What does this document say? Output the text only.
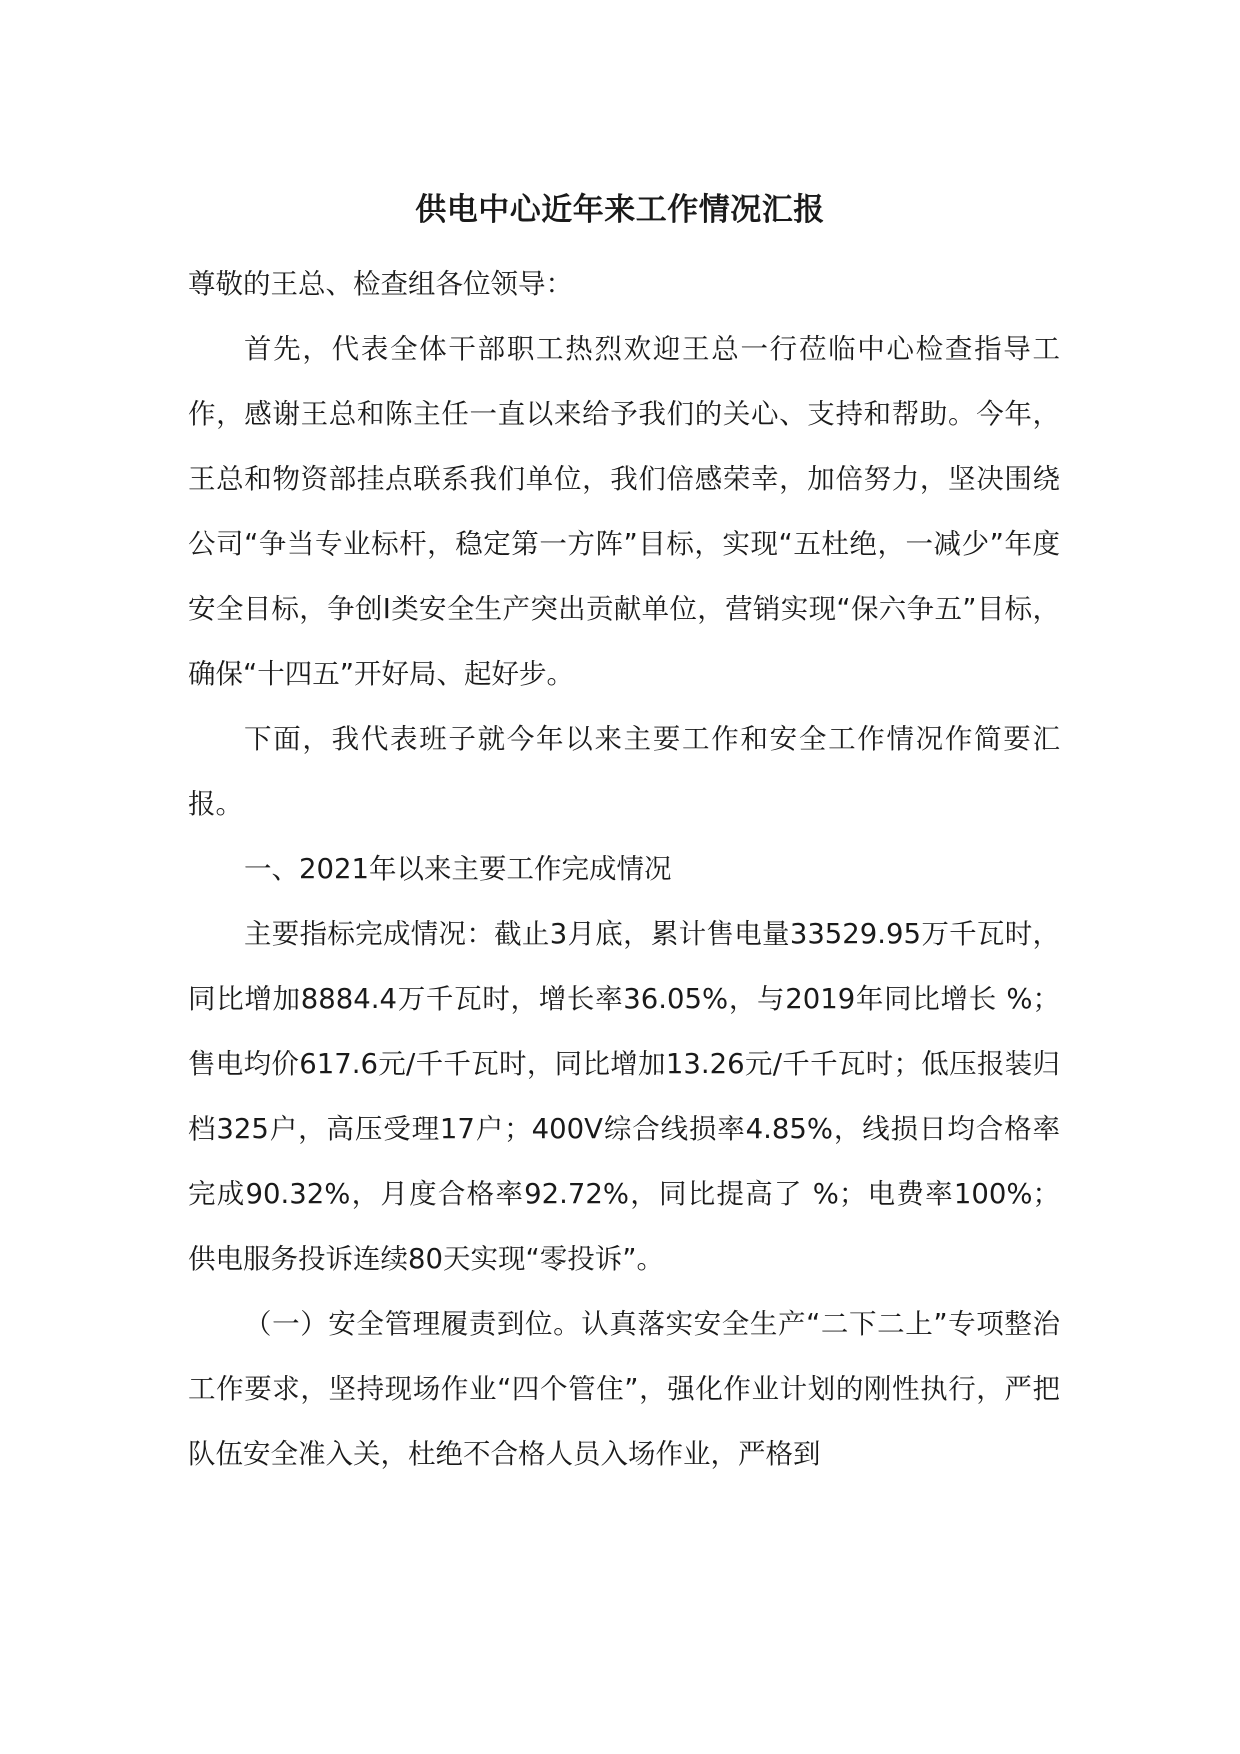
供电中心近年来工作情况汇报

尊敬的王总、检查组各位领导：

首先，代表全体干部职工热烈欢迎王总一行莅临中心检查指导工作，感谢王总和陈主任一直以来给予我们的关心、支持和帮助。今年，王总和物资部挂点联系我们单位，我们倍感荣幸，加倍努力，坚决围绕公司“争当专业标杆，稳定第一方阵”目标，实现“五杜绝，一减少”年度安全目标，争创Ⅰ类安全生产突出贡献单位，营销实现“保六争五”目标，确保“十四五”开好局、起好步。

下面，我代表班子就今年以来主要工作和安全工作情况作简要汇报。

一、2021年以来主要工作完成情况

主要指标完成情况：截止3月底，累计售电量33529.95万千瓦时，同比增加8884.4万千瓦时，增长率36.05%，与2019年同比增长 %；售电均价617.6元/千千瓦时，同比增加13.26元/千千瓦时；低压报装归档325户，高压受理17户；400V综合线损率4.85%，线损日均合格率完成90.32%，月度合格率92.72%，同比提高了 %；电费率100%；供电服务投诉连续80天实现“零投诉”。

（一）安全管理履责到位。认真落实安全生产“二下二上”专项整治工作要求，坚持现场作业“四个管住”，强化作业计划的刚性执行，严把队伍安全准入关，杜绝不合格人员入场作业，严格到
